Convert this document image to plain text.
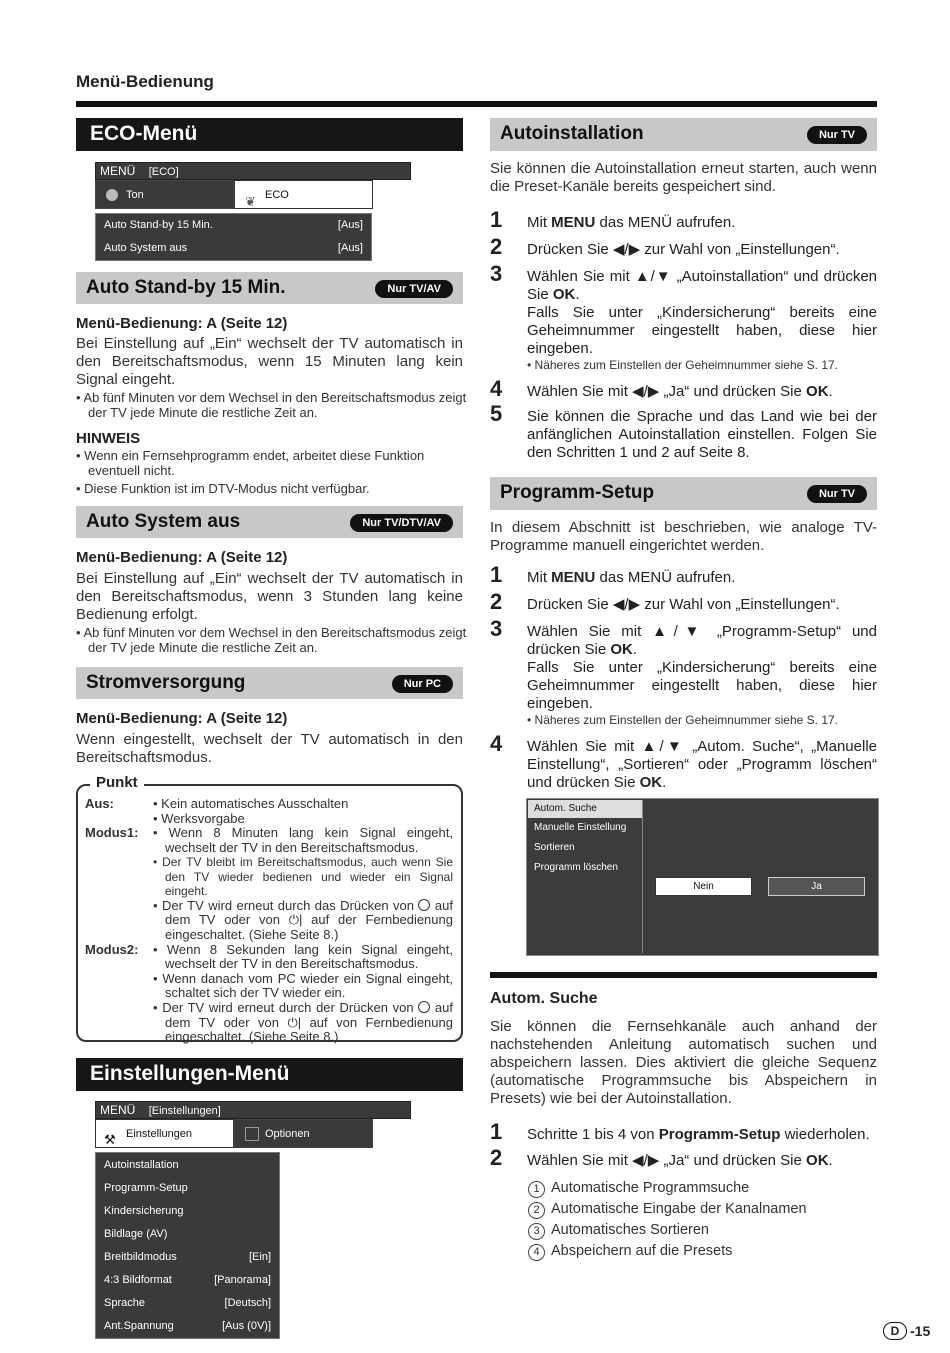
Menü-Bedienung
ECO-Menü
MENÜ [ECO]
Ton	❦ ECO
Auto Stand-by 15 Min.	[Aus]
Auto System aus	[Aus]
Auto Stand-by 15 Min.	Nur TV/AV
Menü-Bedienung: A (Seite 12)
Bei Einstellung auf „Ein“ wechselt der TV automatisch in den Bereitschaftsmodus, wenn 15 Minuten lang kein Signal eingeht.
• Ab fünf Minuten vor dem Wechsel in den Bereitschaftsmodus zeigt der TV jede Minute die restliche Zeit an.
HINWEIS
• Wenn ein Fernsehprogramm endet, arbeitet diese Funktion eventuell nicht.
• Diese Funktion ist im DTV-Modus nicht verfügbar.
Auto System aus	Nur TV/DTV/AV
Menü-Bedienung: A (Seite 12)
Bei Einstellung auf „Ein“ wechselt der TV automatisch in den Bereitschaftsmodus, wenn 3 Stunden lang keine Bedienung erfolgt.
• Ab fünf Minuten vor dem Wechsel in den Bereitschaftsmodus zeigt der TV jede Minute die restliche Zeit an.
Stromversorgung	Nur PC
Menü-Bedienung: A (Seite 12)
Wenn eingestellt, wechselt der TV automatisch in den Bereitschaftsmodus.
Punkt
Aus:	• Kein automatisches Ausschalten
• Werksvorgabe
Modus1:	• Wenn 8 Minuten lang kein Signal eingeht, wechselt der TV in den Bereitschaftsmodus.
• Der TV bleibt im Bereitschaftsmodus, auch wenn Sie den TV wieder bedienen und wieder ein Signal eingeht.
• Der TV wird erneut durch das Drücken von auf dem TV oder von ⏻| auf der Fernbedienung eingeschaltet. (Siehe Seite 8.)
Modus2:	• Wenn 8 Sekunden lang kein Signal eingeht, wechselt der TV in den Bereitschaftsmodus.
• Wenn danach vom PC wieder ein Signal eingeht, schaltet sich der TV wieder ein.
• Der TV wird erneut durch der Drücken von auf dem TV oder von ⏻| auf von Fernbedienung eingeschaltet. (Siehe Seite 8.)
Einstellungen-Menü
MENÜ [Einstellungen]
⚒ Einstellungen	Optionen
Autoinstallation
Programm-Setup
Kindersicherung
Bildlage (AV)
Breitbildmodus	[Ein]
4:3 Bildformat	[Panorama]
Sprache	[Deutsch]
Ant.Spannung	[Aus (0V)]
Autoinstallation	Nur TV
Sie können die Autoinstallation erneut starten, auch wenn die Preset-Kanäle bereits gespeichert sind.
1	Mit MENU das MENÜ aufrufen.
2	Drücken Sie ◀/▶ zur Wahl von „Einstellungen“.
3	Wählen Sie mit ▲/▼ „Autoinstallation“ und drücken Sie OK.
Falls Sie unter „Kindersicherung“ bereits eine Geheimnummer eingestellt haben, diese hier eingeben.
• Näheres zum Einstellen der Geheimnummer siehe S. 17.
4	Wählen Sie mit ◀/▶ „Ja“ und drücken Sie OK.
5	Sie können die Sprache und das Land wie bei der anfänglichen Autoinstallation einstellen. Folgen Sie den Schritten 1 und 2 auf Seite 8.
Programm-Setup	Nur TV
In diesem Abschnitt ist beschrieben, wie analoge TV-Programme manuell eingerichtet werden.
1	Mit MENU das MENÜ aufrufen.
2	Drücken Sie ◀/▶ zur Wahl von „Einstellungen“.
3	Wählen Sie mit ▲/▼ „Programm-Setup“ und drücken Sie OK.
Falls Sie unter „Kindersicherung“ bereits eine Geheimnummer eingestellt haben, diese hier eingeben.
• Näheres zum Einstellen der Geheimnummer siehe S. 17.
4	Wählen Sie mit ▲/▼ „Autom. Suche“, „Manuelle Einstellung“, „Sortieren“ oder „Programm löschen“ und drücken Sie OK.
Autom. Suche
Manuelle Einstellung
Sortieren
Programm löschen
Nein	Ja
Autom. Suche
Sie können die Fernsehkanäle auch anhand der nachstehenden Anleitung automatisch suchen und abspeichern lassen. Dies aktiviert die gleiche Sequenz (automatische Programmsuche bis Abspeichern in Presets) wie bei der Autoinstallation.
1	Schritte 1 bis 4 von Programm-Setup wiederholen.
2	Wählen Sie mit ◀/▶ „Ja“ und drücken Sie OK.
1 Automatische Programmsuche
2 Automatische Eingabe der Kanalnamen
3 Automatisches Sortieren
4 Abspeichern auf die Presets
D -15
